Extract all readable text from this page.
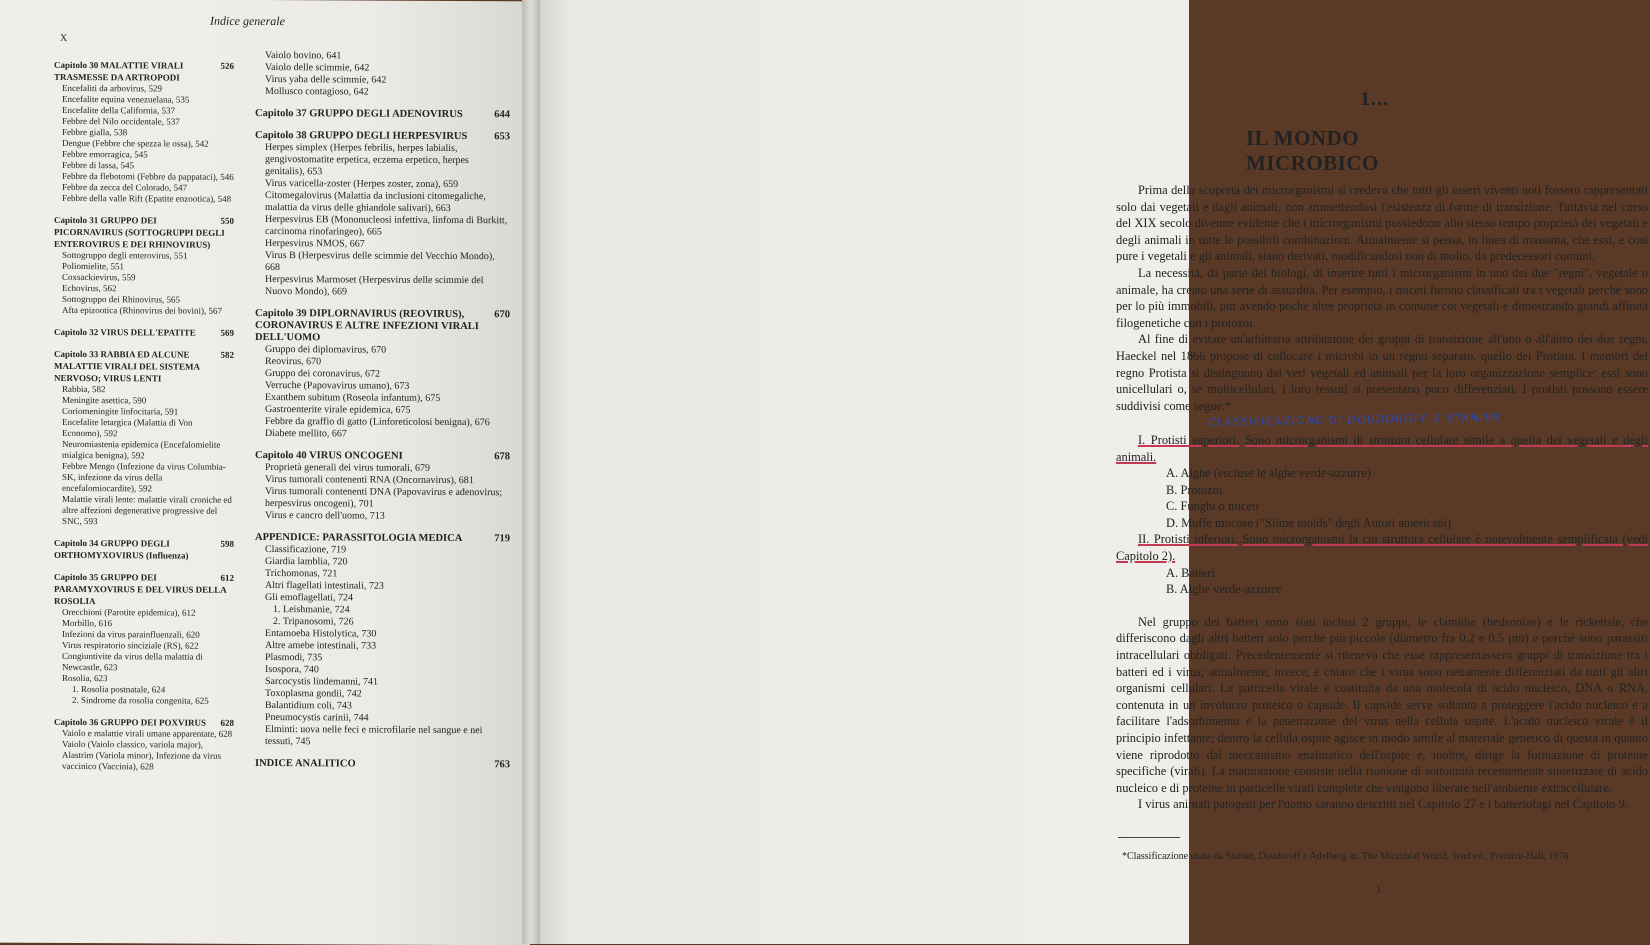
X
Indice generale
526
Capitolo 30 MALATTIE VIRALI TRASMESSE DA ARTROPODI
Encefaliti da arbovirus, 529
Encefalite equina venezuelana, 535
Encefalite della California, 537
Febbre del Nilo occidentale, 537
Febbre gialla, 538
Dengue (Febbre che spezza le ossa), 542
Febbre emorragica, 545
Febbre di lassa, 545
Febbre da flebotomi (Febbre da pappataci), 546
Febbre da zecca del Colorado, 547
Febbre della valle Rift (Epatite enzootica), 548
550
Capitolo 31 GRUPPO DEI PICORNAVIRUS (SOTTOGRUPPI DEGLI ENTEROVIRUS E DEI RHINOVIRUS)
Sottogruppo degli enterovirus, 551
Poliomielite, 551
Coxsackievirus, 559
Echovirus, 562
Sottogruppo dei Rhinovirus, 565
Afta epizootica (Rhinovirus dei bovini), 567
569
Capitolo 32 VIRUS DELL'EPATITE
582
Capitolo 33 RABBIA ED ALCUNE MALATTIE VIRALI DEL SISTEMA NERVOSO; VIRUS LENTI
Rabbia, 582
Meningite asettica, 590
Coriomeningite linfocitaria, 591
Encefalite letargica (Malattia di Von Economo), 592
Neuromiastenia epidemica (Encefalomielite mialgica benigna), 592
Febbre Mengo (Infezione da virus Columbia-SK, infezione da virus della encefalomiocardite), 592
Malattie virali lente: malattie virali croniche ed altre affezioni degenerative progressive del SNC, 593
598
Capitolo 34 GRUPPO DEGLI ORTHOMYXOVIRUS (Influenza)
612
Capitolo 35 GRUPPO DEI PARAMYXOVIRUS E DEL VIRUS DELLA ROSOLIA
Orecchioni (Parotite epidemica), 612
Morbillo, 616
Infezioni da virus parainfluenzali, 620
Virus respiratorio sinciziale (RS), 622
Congiuntivite da virus della malattia di Newcastle, 623
Rosolia, 623
1. Rosolia postnatale, 624
2. Sindrome da rosolia congenita, 625
628
Capitolo 36 GRUPPO DEI POXVIRUS
Vaiolo e malattie virali umane apparentate, 628
Vaiolo (Vaiolo classico, variola major), Alastrim (Variola minor), Infezione da virus vaccinico (Vaccinia), 628
Vaiolo bovino, 641
Vaiolo delle scimmie, 642
Virus yaba delle scimmie, 642
Mollusco contagioso, 642
644
Capitolo 37 GRUPPO DEGLI ADENOVIRUS
653
Capitolo 38 GRUPPO DEGLI HERPESVIRUS
Herpes simplex (Herpes febrilis, herpes labialis, gengivostomatite erpetica, eczema erpetico, herpes genitalis), 653
Virus varicella-zoster (Herpes zoster, zona), 659
Citomegalovirus (Malattia da inclusioni citomegaliche, malattia da virus delle ghiandole salivari), 663
Herpesvirus EB (Mononucleosi infettiva, linfoma di Burkitt, carcinoma rinofaringeo), 665
Herpesvirus NMOS, 667
Virus B (Herpesvirus delle scimmie del Vecchio Mondo), 668
Herpesvirus Marmoset (Herpesvirus delle scimmie del Nuovo Mondo), 669
670
Capitolo 39 DIPLORNAVIRUS (REOVIRUS), CORONAVIRUS E ALTRE INFEZIONI VIRALI DELL'UOMO
Gruppo dei diplornavirus, 670
Reovirus, 670
Gruppo dei coronavirus, 672
Verruche (Papovavirus umano), 673
Exanthem subitum (Roseola infantum), 675
Gastroenterite virale epidemica, 675
Febbre da graffio di gatto (Linforeticolosi benigna), 676
Diabete mellito, 667
678
Capitolo 40 VIRUS ONCOGENI
Proprietà generali dei virus tumorali, 679
Virus tumorali contenenti RNA (Oncornavirus), 681
Virus tumorali contenenti DNA (Papovavirus e adenovirus; herpesvirus oncogeni), 701
Virus e cancro dell'uomo, 713
719
APPENDICE: PARASSITOLOGIA MEDICA
Classificazione, 719
Giardia lamblia, 720
Trichomonas, 721
Altri flagellati intestinali, 723
Gli emoflagellati, 724
1. Leishmanie, 724
2. Tripanosomi, 726
Entamoeba Histolytica, 730
Altre amebe intestinali, 733
Plasmodi, 735
Isospora, 740
Sarcocystis lindemanni, 741
Toxoplasma gondii, 742
Balantidium coli, 743
Pneumocystis carinii, 744
Elminti: uova nelle feci e microfilarie nel sangue e nei tessuti, 745
763
INDICE ANALITICO
1...
IL MONDO MICROBICO

Prima della scoperta dei microrganismi si credeva che tutti gli esseri viventi noti fossero rappresentati solo dai vegetali e dagli animali, non ammettendosi l'esistenza di forme di transizione. Tuttavia nel corso del XIX secolo divenne evidente che i microrganismi possiedono allo stesso tempo proprietà dei vegetali e degli animali in tutte le possibili combinazioni. Attualmente si pensa, in linea di massima, che essi, e così pure i vegetali e gli animali, siano derivati, modificandosi non di molto, da predecessori comuni.

La necessità, da parte dei biologi, di inserire tutti i microrganismi in uno dei due "regni", vegetale o animale, ha creato una serie di assurdità. Per esempio, i miceti furono classificati tra i vegetali perchè sono per lo più immobili, pur avendo poche altre proprietà in comune coi vegetali e dimostrando grandi affinità filogenetiche con i protozoi.

Al fine di evitare un'arbitraria attribuzione dei gruppi di transizione all'uno o all'altro dei due regni, Haeckel nel 1866 propose di collocare i microbi in un regno separato, quello dei Protista. I membri del regno Protista si distinguono dai veri vegetali ed animali per la loro organizzazione semplice: essi sono unicellulari o, se multicellulari, i loro tessuti si presentano poco differenziati. I protisti possono essere suddivisi come segue:*

CLASSIFICAZIONE DI DOUDOROFF E STANIER

I. Protisti superiori. Sono microrganismi di struttura cellulare simile a quella dei vegetali e degli animali.

A. Alghe (escluse le alghe verde-azzurre)
B. Protozoi
C. Funghi o miceti
D. Muffe mucose ("Slime molds" degli Autori americani)

II. Protisti inferiori. Sono microrganismi la cui struttura cellulare è notevolmente semplificata (vedi Capitolo 2).

A. Batteri
B. Alghe verde-azzurre

Nel gruppo dei batteri sono stati inclusi 2 gruppi, le clamidie (bedsoniae) e le rickettsie, che differiscono dagli altri batteri solo perchè più piccole (diametro fra 0,2 e 0,5 µm) e perchè sono parassiti intracellulari obbligati. Precedentemente si riteneva che esse rappresentassero gruppi di transizione tra i batteri ed i virus; attualmente, invece, è chiaro che i virus sono nettamente differenziati da tutti gli altri organismi cellulari. La particella virale è costituita da una molecola di acido nucleico, DNA o RNA, contenuta in un involucro proteico o capside. Il capside serve soltanto a proteggere l'acido nucleico e a facilitare l'adsorbimento e la penetrazione del virus nella cellula ospite. L'acido nucleico virale è il principio infettante; dentro la cellula ospite agisce in modo simile al materiale genetico di questa in quanto viene riprodotto dal meccanismo enzimatico dell'ospite e, inoltre, dirige la formazione di proteine specifiche (virali). La maturazione consiste nella riunione di sottounità recentemente sintetizzate di acido nucleico e di proteine in particelle virali complete che vengono liberate nell'ambiente extracellulare.

I virus animali patogeni per l'uomo saranno descritti nel Capitolo 27 e i batteriofagi nel Capitolo 9.

*Classificazione usata da Stanier, Doudoroff e Adelberg in: The Microbial World, 3end ed., Prentice-Hall, 1970.
1
